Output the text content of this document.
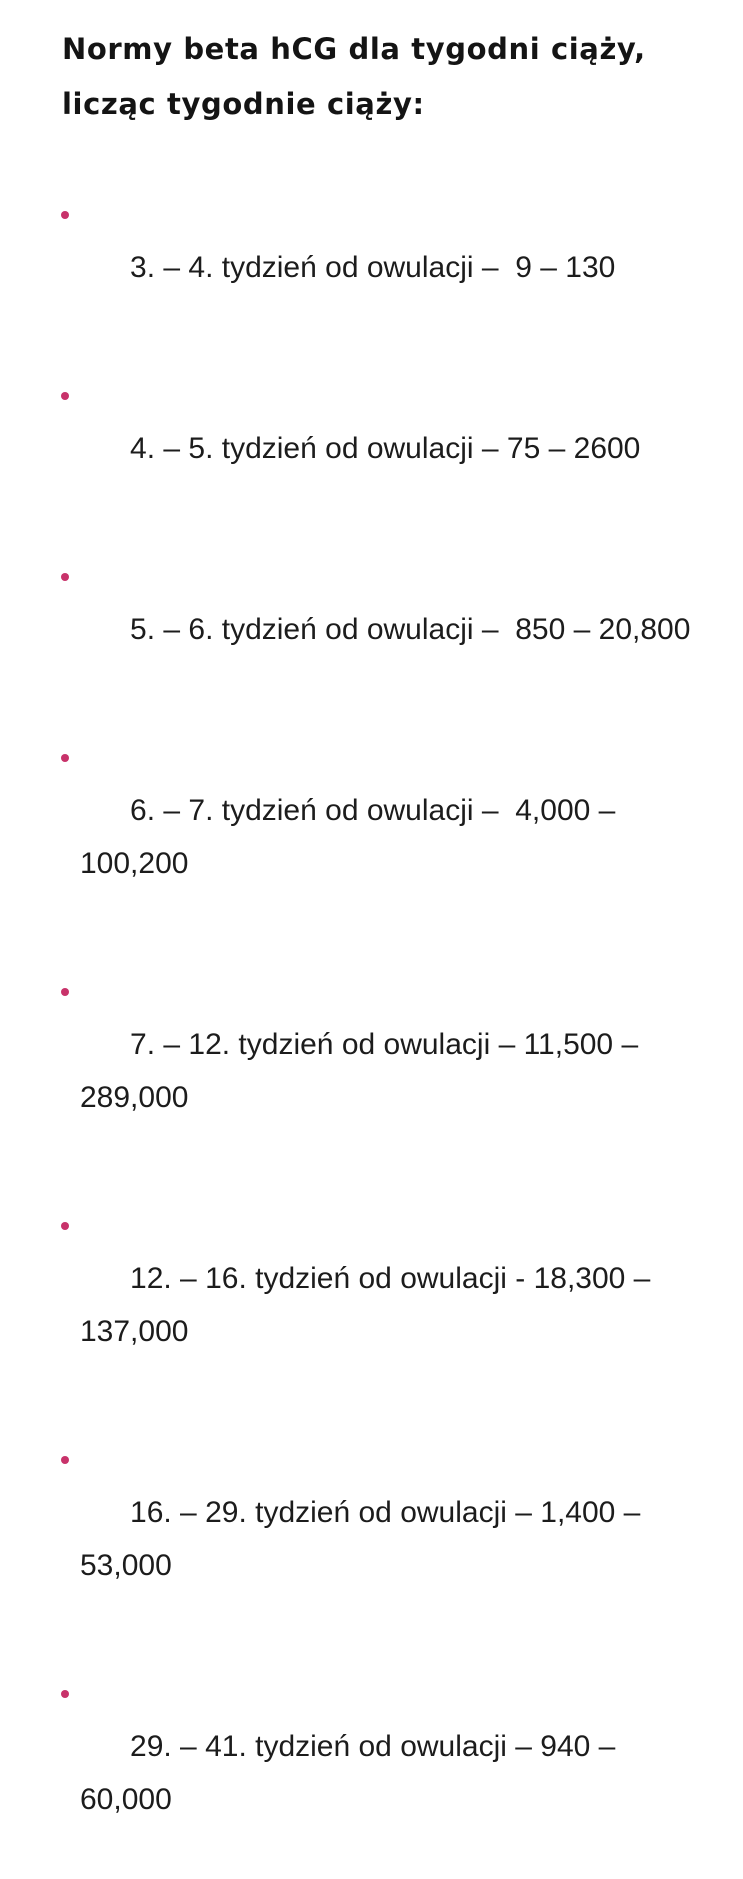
Normy beta hCG dla tygodni ciąży, licząc tygodnie ciąży:

3. – 4. tydzień od owulacji –  9 – 130

4. – 5. tydzień od owulacji – 75 – 2600

5. – 6. tydzień od owulacji –  850 – 20,800

6. – 7. tydzień od owulacji –  4,000 – 100,200

7. – 12. tydzień od owulacji – 11,500 – 289,000

12. – 16. tydzień od owulacji - 18,300 – 137,000

16. – 29. tydzień od owulacji – 1,400 – 53,000

29. – 41. tydzień od owulacji – 940 – 60,000
